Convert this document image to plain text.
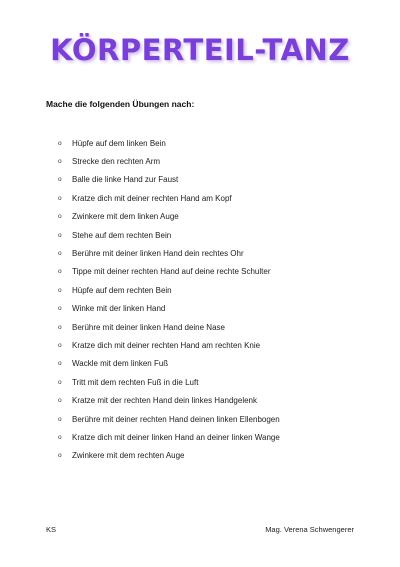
KÖRPERTEIL-TANZ
Mache die folgenden Übungen nach:
o	Hüpfe auf dem linken Bein
o	Strecke den rechten Arm
o	Balle die linke Hand zur Faust
o	Kratze dich mit deiner rechten Hand am Kopf
o	Zwinkere mit dem linken Auge
o	Stehe auf dem rechten Bein
o	Berühre mit deiner linken Hand dein rechtes Ohr
o	Tippe mit deiner rechten Hand auf deine rechte Schulter
o	Hüpfe auf dem rechten Bein
o	Winke mit der linken Hand
o	Berühre mit deiner linken Hand deine Nase
o	Kratze dich mit deiner rechten Hand am rechten Knie
o	Wackle mit dem linken Fuß
o	Tritt mit dem rechten Fuß in die Luft
o	Kratze mit der rechten Hand dein linkes Handgelenk
o	Berühre mit deiner rechten Hand deinen linken Ellenbogen
o	Kratze dich mit deiner linken Hand an deiner linken Wange
o	Zwinkere mit dem rechten Auge
KS	Mag. Verena Schwengerer
